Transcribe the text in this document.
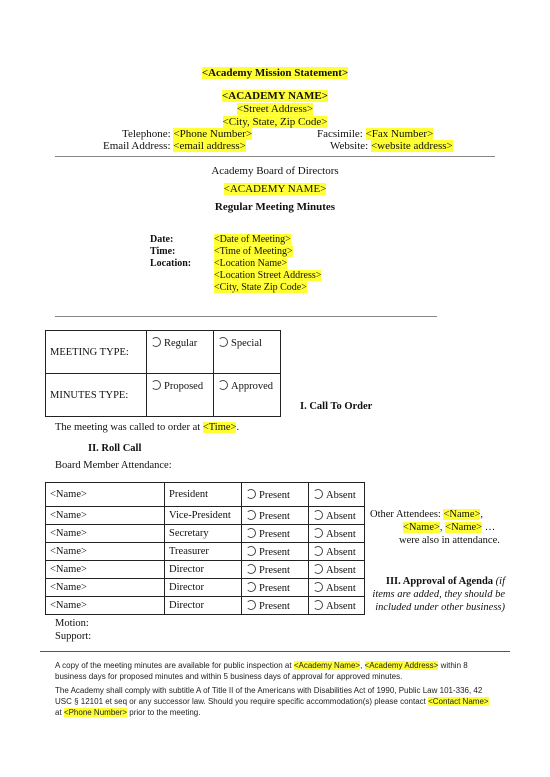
<Academy Mission Statement>
<ACADEMY NAME>
<Street Address>
<City, State, Zip Code>
Telephone: <Phone Number>	Facsimile: <Fax Number>
Email Address: <email address>	Website: <website address>
Academy Board of Directors
<ACADEMY NAME>
Regular Meeting Minutes
Date:	<Date of Meeting>
Time:	<Time of Meeting>
Location: <Location Name>
<Location Street Address>
<City, State Zip Code>
MEETING TYPE:	Regular	Special
MINUTES TYPE:	Proposed	Approved
I. Call To Order
The meeting was called to order at <Time>.
II. Roll Call
Board Member Attendance:
<Name>	President	Present	Absent
<Name>	Vice-President	Present	Absent
<Name>	Secretary	Present	Absent
<Name>	Treasurer	Present	Absent
<Name>	Director	Present	Absent
<Name>	Director	Present	Absent
<Name>	Director	Present	Absent
Other Attendees: <Name>,
<Name>, <Name> …
were also in attendance.
III. Approval of Agenda (if items are added, they should be included under other business)
Motion:
Support:
A copy of the meeting minutes are available for public inspection at <Academy Name>, <Academy Address> within 8 business days for proposed minutes and within 5 business days of approval for approved minutes.
The Academy shall comply with subtitle A of Title II of the Americans with Disabilities Act of 1990, Public Law 101-336, 42 USC § 12101 et seq or any successor law. Should you require specific accommodation(s) please contact <Contact Name> at <Phone Number> prior to the meeting.
